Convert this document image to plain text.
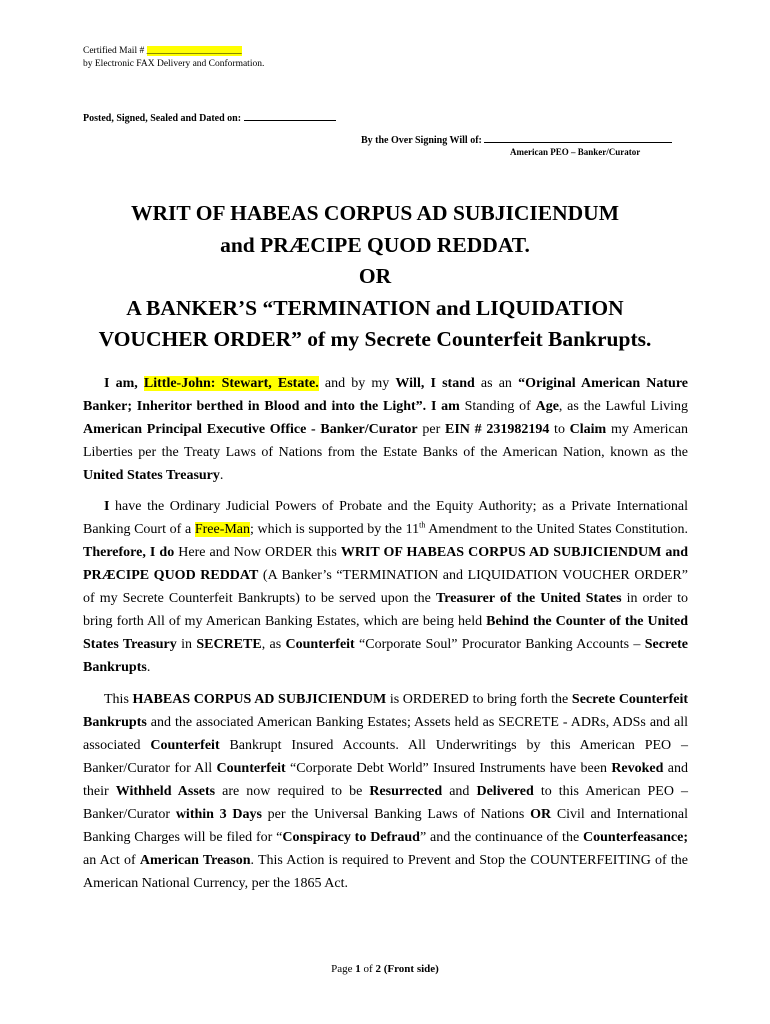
Certified Mail # ____________________
by Electronic FAX Delivery and Conformation.
Posted, Signed, Sealed and Dated on:
By the Over Signing Will of:
American PEO – Banker/Curator
WRIT OF HABEAS CORPUS AD SUBJICIENDUM
and PRÆCIPE QUOD REDDAT.
OR
A BANKER’S “TERMINATION and LIQUIDATION
VOUCHER ORDER” of my Secrete Counterfeit Bankrupts.
I am, Little-John: Stewart, Estate. and by my Will, I stand as an “Original American Nature Banker; Inheritor berthed in Blood and into the Light”. I am Standing of Age, as the Lawful Living American Principal Executive Office - Banker/Curator per EIN # 231982194 to Claim my American Liberties per the Treaty Laws of Nations from the Estate Banks of the American Nation, known as the United States Treasury.
I have the Ordinary Judicial Powers of Probate and the Equity Authority; as a Private International Banking Court of a Free-Man; which is supported by the 11th Amendment to the United States Constitution. Therefore, I do Here and Now ORDER this WRIT OF HABEAS CORPUS AD SUBJICIENDUM and PRÆCIPE QUOD REDDAT (A Banker’s “TERMINATION and LIQUIDATION VOUCHER ORDER” of my Secrete Counterfeit Bankrupts) to be served upon the Treasurer of the United States in order to bring forth All of my American Banking Estates, which are being held Behind the Counter of the United States Treasury in SECRETE, as Counterfeit “Corporate Soul” Procurator Banking Accounts – Secrete Bankrupts.
This HABEAS CORPUS AD SUBJICIENDUM is ORDERED to bring forth the Secrete Counterfeit Bankrupts and the associated American Banking Estates; Assets held as SECRETE - ADRs, ADSs and all associated Counterfeit Bankrupt Insured Accounts. All Underwritings by this American PEO – Banker/Curator for All Counterfeit “Corporate Debt World” Insured Instruments have been Revoked and their Withheld Assets are now required to be Resurrected and Delivered to this American PEO – Banker/Curator within 3 Days per the Universal Banking Laws of Nations OR Civil and International Banking Charges will be filed for “Conspiracy to Defraud” and the continuance of the Counterfeasance; an Act of American Treason. This Action is required to Prevent and Stop the COUNTERFEITING of the American National Currency, per the 1865 Act.
Page 1 of 2 (Front side)
